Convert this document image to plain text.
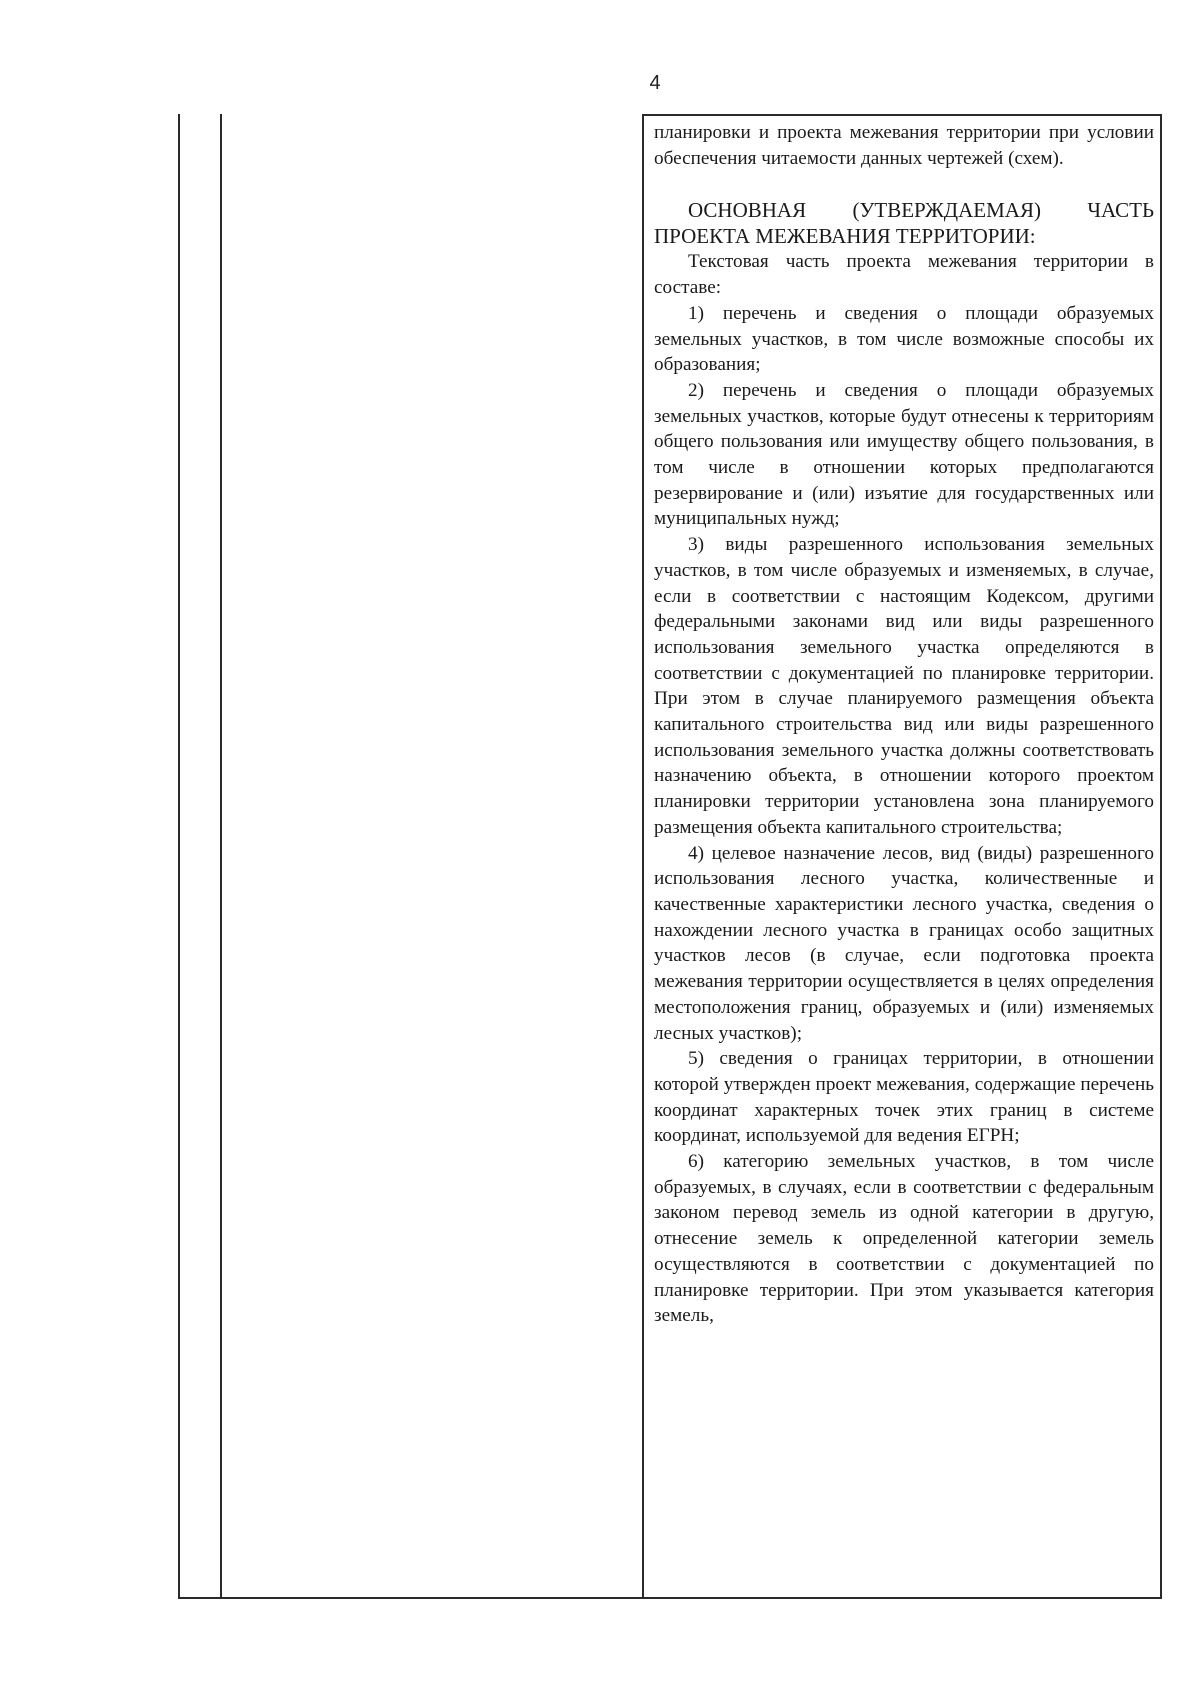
4

планировки и проекта межевания территории при условии обеспечения читаемости данных чертежей (схем).

ОСНОВНАЯ (УТВЕРЖДАЕМАЯ) ЧАСТЬ ПРОЕКТА МЕЖЕВАНИЯ ТЕРРИТОРИИ:

Текстовая часть проекта межевания территории в составе:

1) перечень и сведения о площади образуемых земельных участков, в том числе возможные способы их образования;

2) перечень и сведения о площади образуемых земельных участков, которые будут отнесены к территориям общего пользования или имуществу общего пользования, в том числе в отношении которых предполагаются резервирование и (или) изъятие для государственных или муниципальных нужд;

3) виды разрешенного использования земельных участков, в том числе образуемых и изменяемых, в случае, если в соответствии с настоящим Кодексом, другими федеральными законами вид или виды разрешенного использования земельного участка определяются в соответствии с документацией по планировке территории. При этом в случае планируемого размещения объекта капитального строительства вид или виды разрешенного использования земельного участка должны соответствовать назначению объекта, в отношении которого проектом планировки территории установлена зона планируемого размещения объекта капитального строительства;

4) целевое назначение лесов, вид (виды) разрешенного использования лесного участка, количественные и качественные характеристики лесного участка, сведения о нахождении лесного участка в границах особо защитных участков лесов (в случае, если подготовка проекта межевания территории осуществляется в целях определения местоположения границ, образуемых и (или) изменяемых лесных участков);

5) сведения о границах территории, в отношении которой утвержден проект межевания, содержащие перечень координат характерных точек этих границ в системе координат, используемой для ведения ЕГРН;

6) категорию земельных участков, в том числе образуемых, в случаях, если в соответствии с федеральным законом перевод земель из одной категории в другую, отнесение земель к определенной категории земель осуществляются в соответствии с документацией по планировке территории. При этом указывается категория земель,
